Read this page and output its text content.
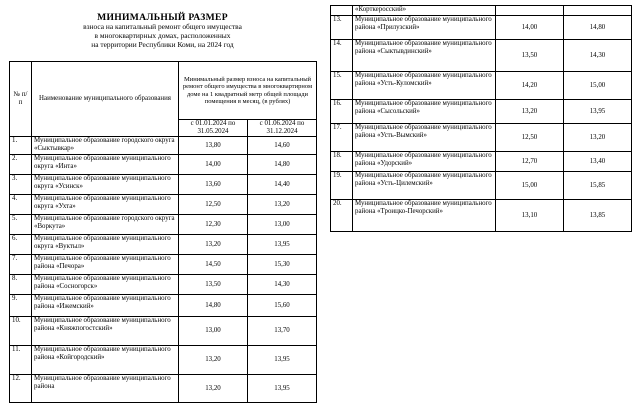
МИНИМАЛЬНЫЙ РАЗМЕР
взноса на капитальный ремонт общего имущества
в многоквартирных домах, расположенных
на территории Республики Коми, на 2024 год
№ п/п	Наименование муниципального образования	Минимальный размер взноса на капитальный ремонт общего имущества в многоквартирном доме на 1 квадратный метр общей площади помещения в месяц, (в рублях)	
		с 01.01.2024 по 31.05.2024	с 01.06.2024 по 31.12.2024
1.	Муниципальное образование городского округа «Сыктывкар»	13,80	14,60
2.	Муниципальное образование муниципального округа «Инта»	14,00	14,80
3.	Муниципальное образование муниципального округа «Усинск»	13,60	14,40
4.	Муниципальное образование муниципального округа «Ухта»	12,50	13,20
5.	Муниципальное образование городского округа «Воркута»	12,30	13,00
6.	Муниципальное образование муниципального округа «Вуктыл»	13,20	13,95
7.	Муниципальное образование муниципального района «Печора»	14,50	15,30
8.	Муниципальное образование муниципального района «Сосногорск»	13,50	14,30
9.	Муниципальное образование муниципального района «Ижемский»	14,80	15,60
10.	Муниципальное образование муниципального района «Княжпогостский»	13,00	13,70
11.	Муниципальное образование муниципального района «Койгородский»	13,20	13,95
12.	Муниципальное образование муниципального района	13,20	13,95
	«Корткеросский»		
13.	Муниципальное образование муниципального района «Прилузский»	14,00	14,80
14.	Муниципальное образование муниципального района «Сыктывдинский»	13,50	14,30
15.	Муниципальное образование муниципального района «Усть-Куломский»	14,20	15,00
16.	Муниципальное образование муниципального района «Сысольский»	13,20	13,95
17.	Муниципальное образование муниципального района «Усть-Вымский»	12,50	13,20
18.	Муниципальное образование муниципального района «Удорский»	12,70	13,40
19.	Муниципальное образование муниципального района «Усть-Цилемский»	15,00	15,85
20.	Муниципальное образование муниципального района «Троицко-Печорский»	13,10	13,85
